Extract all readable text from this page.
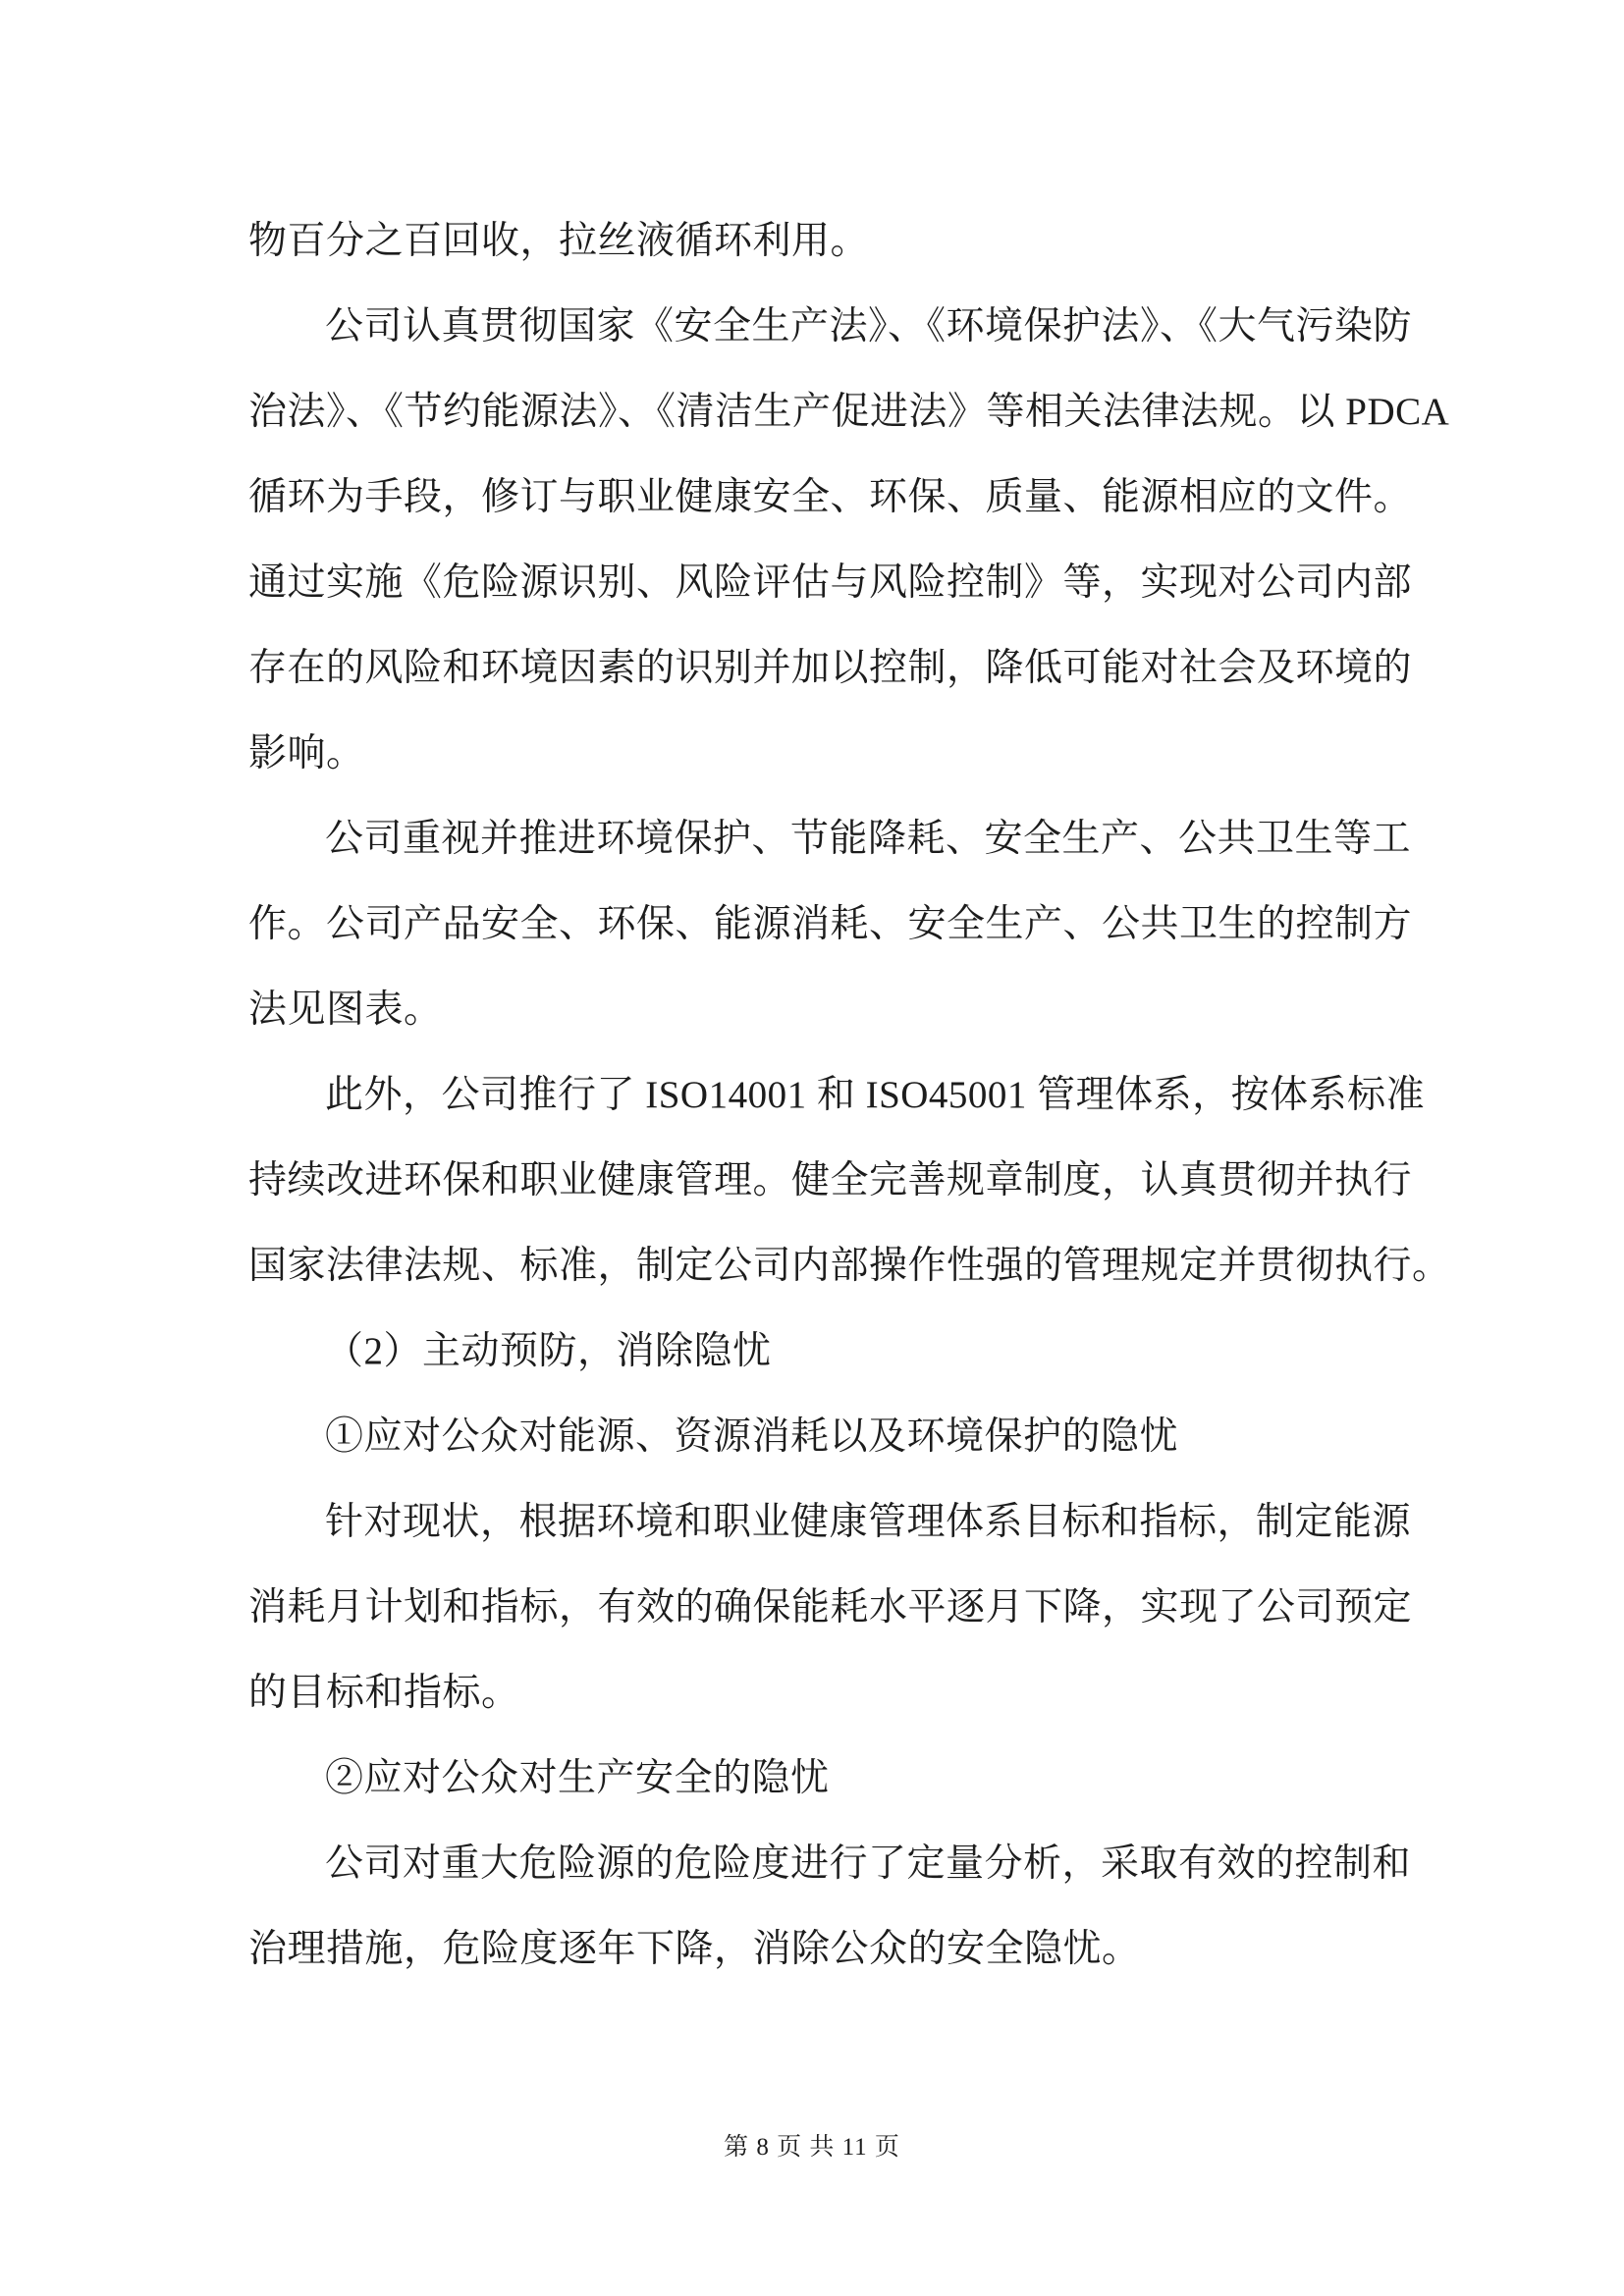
物百分之百回收，拉丝液循环利用。
公司认真贯彻国家《安全生产法》、《环境保护法》、《大气污染防
治法》、《节约能源法》、《清洁生产促进法》等相关法律法规。以 PDCA
循环为手段，修订与职业健康安全、环保、质量、能源相应的文件。
通过实施《危险源识别、风险评估与风险控制》等，实现对公司内部
存在的风险和环境因素的识别并加以控制，降低可能对社会及环境的
影响。
公司重视并推进环境保护、节能降耗、安全生产、公共卫生等工
作。公司产品安全、环保、能源消耗、安全生产、公共卫生的控制方
法见图表。
此外，公司推行了 ISO14001 和 ISO45001 管理体系，按体系标准
持续改进环保和职业健康管理。健全完善规章制度，认真贯彻并执行
国家法律法规、标准，制定公司内部操作性强的管理规定并贯彻执行。
（2）主动预防，消除隐忧
①应对公众对能源、资源消耗以及环境保护的隐忧
针对现状，根据环境和职业健康管理体系目标和指标，制定能源
消耗月计划和指标，有效的确保能耗水平逐月下降，实现了公司预定
的目标和指标。
②应对公众对生产安全的隐忧
公司对重大危险源的危险度进行了定量分析，采取有效的控制和
治理措施，危险度逐年下降，消除公众的安全隐忧。
第 8 页 共 11 页
